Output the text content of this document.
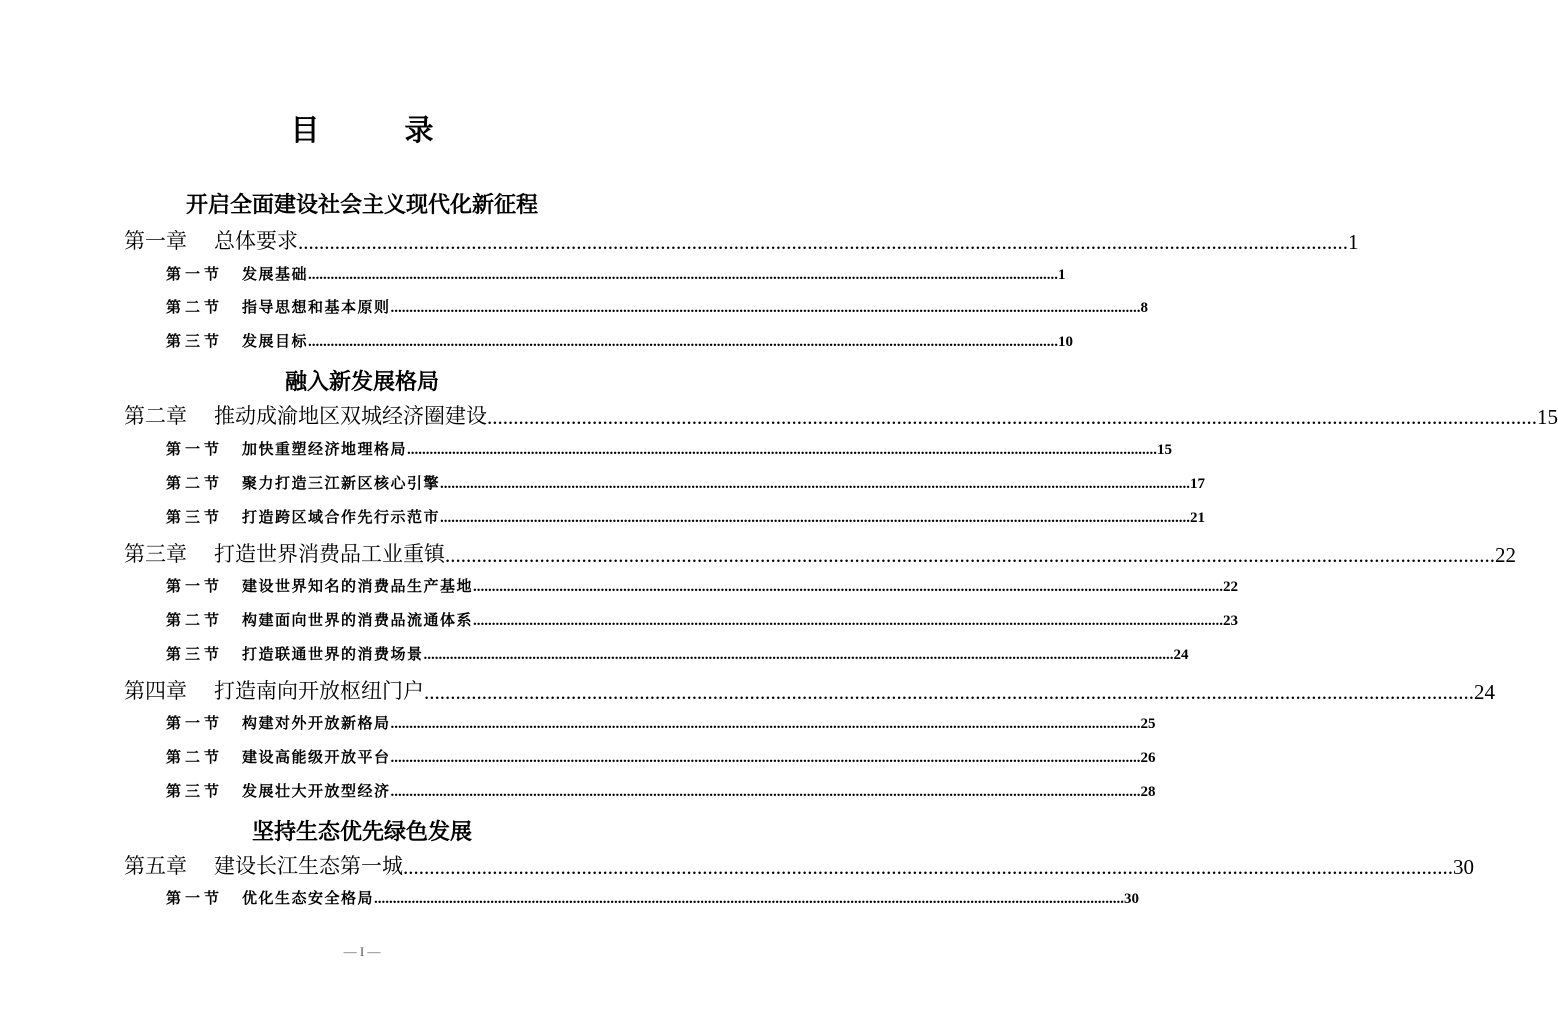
目　录
开启全面建设社会主义现代化新征程
第一章	总体要求 ........................................................................................................................................................................................................ 1
第一节	发展基础 ........................................................................................................................................................................................................ 1
第二节	指导思想和基本原则 ........................................................................................................................................................................................................ 8
第三节	发展目标 ........................................................................................................................................................................................................ 10
融入新发展格局
第二章	推动成渝地区双城经济圈建设 ........................................................................................................................................................................................................ 15
第一节	加快重塑经济地理格局 ........................................................................................................................................................................................................ 15
第二节	聚力打造三江新区核心引擎 ........................................................................................................................................................................................................ 17
第三节	打造跨区域合作先行示范市 ........................................................................................................................................................................................................ 21
第三章	打造世界消费品工业重镇 ........................................................................................................................................................................................................ 22
第一节	建设世界知名的消费品生产基地 ........................................................................................................................................................................................................ 22
第二节	构建面向世界的消费品流通体系 ........................................................................................................................................................................................................ 23
第三节	打造联通世界的消费场景 ........................................................................................................................................................................................................ 24
第四章	打造南向开放枢纽门户 ........................................................................................................................................................................................................ 24
第一节	构建对外开放新格局 ........................................................................................................................................................................................................ 25
第二节	建设高能级开放平台 ........................................................................................................................................................................................................ 26
第三节	发展壮大开放型经济 ........................................................................................................................................................................................................ 28
坚持生态优先绿色发展
第五章	建设长江生态第一城 ........................................................................................................................................................................................................ 30
第一节	优化生态安全格局 ........................................................................................................................................................................................................ 30
— I —
